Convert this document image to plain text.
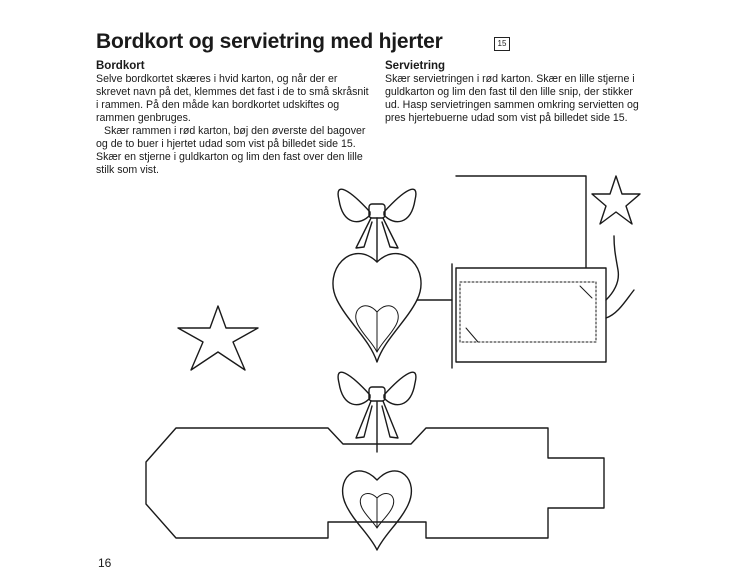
Bordkort og servietring med hjerter	15
Bordkort

Selve bordkortet skæres i hvid karton, og når der er skrevet navn på det, klemmes det fast i de to små skråsnit i rammen. På den måde kan bordkortet udskiftes og rammen genbruges.

Skær rammen i rød karton, bøj den øverste del bagover og de to buer i hjertet udad som vist på billedet side 15. Skær en stjerne i guldkarton og lim den fast over den lille stilk som vist.

Servietring

Skær servietringen i rød karton. Skær en lille stjerne i guldkarton og lim den fast til den lille snip, der stikker ud. Hasp servietringen sammen omkring servietten og pres hjertebuerne udad som vist på billedet side 15.

16
